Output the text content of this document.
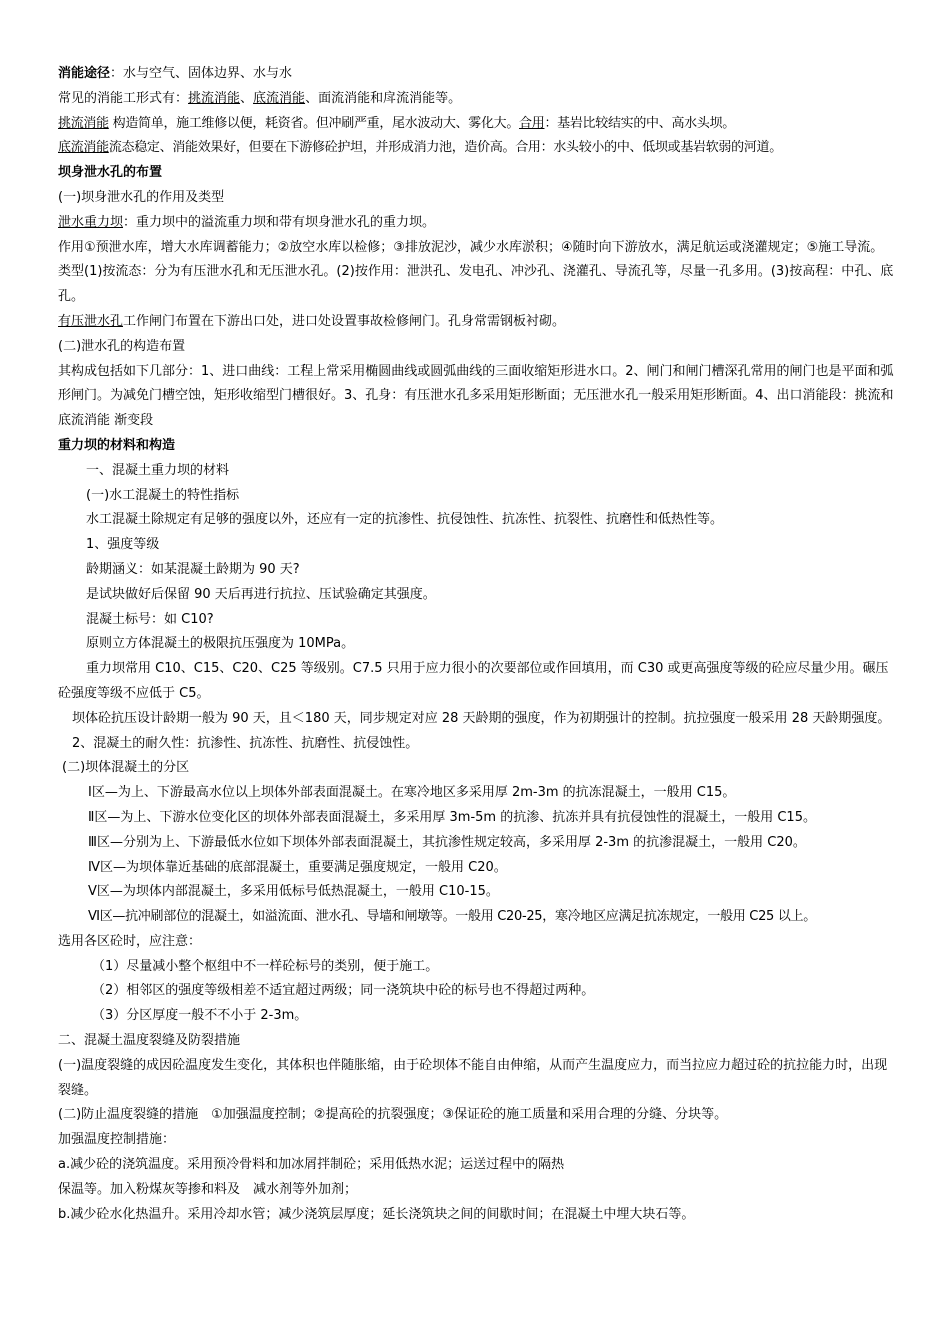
消能途径：水与空气、固体边界、水与水

常见的消能工形式有：挑流消能、底流消能、面流消能和戽流消能等。

挑流消能 构造简单，施工维修以便，耗资省。但冲刷严重，尾水波动大、雾化大。合用：基岩比较结实的中、高水头坝。

底流消能流态稳定、消能效果好，但要在下游修砼护坦，并形成消力池，造价高。合用：水头较小的中、低坝或基岩软弱的河道。

坝身泄水孔的布置

(一)坝身泄水孔的作用及类型

泄水重力坝：重力坝中的溢流重力坝和带有坝身泄水孔的重力坝。

作用①预泄水库，增大水库调蓄能力；②放空水库以检修；③排放泥沙，减少水库淤积；④随时向下游放水，满足航运或浇灌规定；⑤施工导流。

类型(1)按流态：分为有压泄水孔和无压泄水孔。(2)按作用：泄洪孔、发电孔、冲沙孔、浇灌孔、导流孔等，尽量一孔多用。(3)按高程：中孔、底孔。

有压泄水孔工作闸门布置在下游出口处，进口处设置事故检修闸门。孔身常需钢板衬砌。

(二)泄水孔的构造布置

其构成包括如下几部分：1、进口曲线：工程上常采用椭圆曲线或圆弧曲线的三面收缩矩形进水口。2、闸门和闸门槽深孔常用的闸门也是平面和弧形闸门。为减免门槽空蚀，矩形收缩型门槽很好。3、孔身：有压泄水孔多采用矩形断面；无压泄水孔一般采用矩形断面。4、出口消能段：挑流和底流消能 渐变段

重力坝的材料和构造

一、混凝土重力坝的材料

(一)水工混凝土的特性指标

水工混凝土除规定有足够的强度以外，还应有一定的抗渗性、抗侵蚀性、抗冻性、抗裂性、抗磨性和低热性等。

1、强度等级

龄期涵义：如某混凝土龄期为 90 天?

是试块做好后保留 90 天后再进行抗拉、压试验确定其强度。

混凝土标号：如 C10?

原则立方体混凝土的极限抗压强度为 10MPa。

重力坝常用 C10、C15、C20、C25 等级别。C7.5 只用于应力很小的次要部位或作回填用，而 C30 或更高强度等级的砼应尽量少用。碾压砼强度等级不应低于 C5。

坝体砼抗压设计龄期一般为 90 天，且＜180 天，同步规定对应 28 天龄期的强度，作为初期强计的控制。抗拉强度一般采用 28 天龄期强度。

2、混凝土的耐久性：抗渗性、抗冻性、抗磨性、抗侵蚀性。

(二)坝体混凝土的分区

Ⅰ区—为上、下游最高水位以上坝体外部表面混凝土。在寒冷地区多采用厚 2m-3m 的抗冻混凝土，一般用 C15。

Ⅱ区—为上、下游水位变化区的坝体外部表面混凝土，多采用厚 3m-5m 的抗渗、抗冻并具有抗侵蚀性的混凝土，一般用 C15。

Ⅲ区—分别为上、下游最低水位如下坝体外部表面混凝土，其抗渗性规定较高，多采用厚 2-3m 的抗渗混凝土，一般用 C20。

Ⅳ区—为坝体靠近基础的底部混凝土，重要满足强度规定，一般用 C20。

Ⅴ区—为坝体内部混凝土，多采用低标号低热混凝土，一般用 C10-15。

Ⅵ区—抗冲刷部位的混凝土，如溢流面、泄水孔、导墙和闸墩等。一般用 C20-25，寒冷地区应满足抗冻规定，一般用 C25 以上。

选用各区砼时，应注意：

（1）尽量减小整个枢组中不一样砼标号的类别，便于施工。

（2）相邻区的强度等级相差不适宜超过两级；同一浇筑块中砼的标号也不得超过两种。

（3）分区厚度一般不不小于 2-3m。

二、混凝土温度裂缝及防裂措施

(一)温度裂缝的成因砼温度发生变化，其体积也伴随胀缩，由于砼坝体不能自由伸缩，从而产生温度应力，而当拉应力超过砼的抗拉能力时，出现裂缝。

(二)防止温度裂缝的措施　①加强温度控制；②提高砼的抗裂强度；③保证砼的施工质量和采用合理的分缝、分块等。

加强温度控制措施：

a.减少砼的浇筑温度。采用预冷骨料和加冰屑拌制砼；采用低热水泥；运送过程中的隔热

保温等。加入粉煤灰等掺和料及　减水剂等外加剂；

b.减少砼水化热温升。采用冷却水管；减少浇筑层厚度；延长浇筑块之间的间歇时间；在混凝土中埋大块石等。
